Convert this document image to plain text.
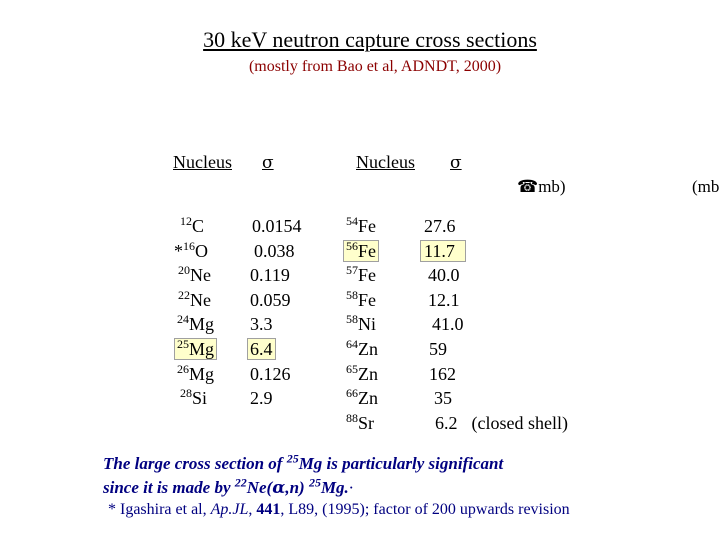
30 keV neutron capture cross sections
(mostly from Bao et al, ADNDT, 2000)
Nucleus σ	Nucleus σ
☎mb)	(mb
$^{12}$C
*$^{16}$O
$^{20}$Ne
$^{22}$Ne
$^{24}$Mg
$^{25}$Mg
$^{26}$Mg
$^{28}$Si
0.0154
0.038
0.119
0.059
3.3
6.4
0.126
2.9
$^{54}$Fe
$^{56}$Fe
$^{57}$Fe
$^{58}$Fe
$^{58}$Ni
$^{64}$Zn
$^{65}$Zn
$^{66}$Zn
$^{88}$Sr
27.6
11.7
40.0
12.1
41.0
59
162
35
6.2 (closed shell)
The large cross section of $^{25}$Mg is particularly significant
since it is made by $^{22}$Ne(α,n) $^{25}$Mg.·
* Igashira et al, Ap.JL, 441, L89, (1995); factor of 200 upwards revision
